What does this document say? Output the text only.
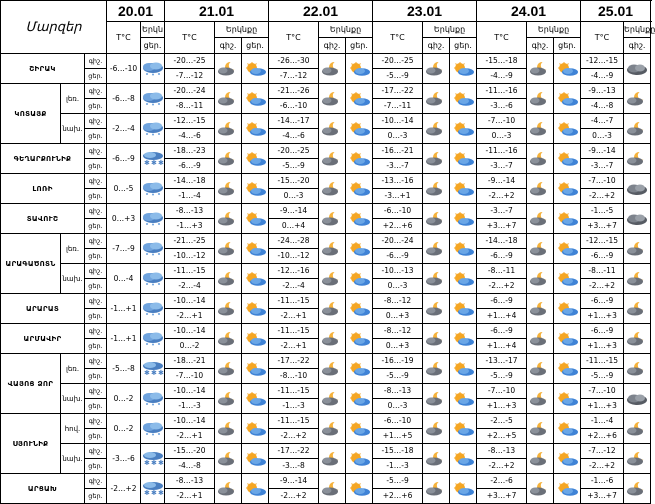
Մարզեր			20.01		21.01			22.01			23.01			24.01			25.01		
			T°C	Երկն	T°C	Երկնքը		T°C	Երկնքը		T°C	Երկնքը		T°C	Երկնքը		T°C	Երկնքը	
				ցեր.		գիշ.	ցեր.		գիշ.	ցեր.		գիշ.	ցեր.		գիշ.	ցեր.		գիշ.	
ՇԻՐԱԿ		գիշ.	-6…-10		-20…-25			-26…-30			-20…-25			-15…-18			-12…-15	

		ցեր.			-7…-12			-7…-12			-5…-9			-4…-9			-4…-9		
ԿՈՏԱՅՔ	լեռ.	գիշ.	-6…-8		-20…-24			-21…-26			-17…-22			-11…-16			-9…-13	

		ցեր.			-8…-11			-6…-10			-7…-11			-3…-6			-4…-8		
	նախ.	գիշ.	-2…-4		-12…-15			-14…-17			-10…-14			-7…-10			-4…-7	

		ցեր.			-4…-6			-4…-6			0…-3			0…-3			0…-3		
ԳԵՂԱՐՔՈՒՆԻՔ		գիշ.	-6…-9	✱ ✱ ✱	-18…-23			-20…-25			-16…-21			-11…-16			-9…-14	

		ցեր.			-6…-9			-5…-9			-3…-7			-3…-7			-3…-7		
ԼՈՌԻ		գիշ.	0…-5		-14…-18			-15…-20			-13…-16			-9…-14			-7…-10	

		ցեր.			-1…-4			0…-3			-3…+1			-2…+2			-2…+2		
ՏԱՎՈՒՇ		գիշ.	0…+3		-8…-13			-9…-14			-6…-10			-3…-7			-1…-5	

		ցեր.			-1…+3			0…+4			+2…+6			+3…+7			+3…+7		
ԱՐԱԳԱԾՈՏՆ	լեռ.	գիշ.	-7…-9		-21…-25			-24…-28			-20…-24			-14…-18			-12…-15	

		ցեր.			-10…-12			-10…-12			-6…-9			-6…-9			-6…-9		
	նախ.	գիշ.	0…-4		-11…-15			-12…-16			-10…-13			-8…-11			-8…-11	

		ցեր.			-2…-4			-2…-4			0…-3			-2…+2			-2…+2		
ԱՐԱՐԱՏ		գիշ.	-1…+1		-10…-14			-11…-15			-8…-12			-6…-9			-6…-9	

		ցեր.			-2…+1			-2…+1			0…+3			+1…+4			+1…+3		
ԱՐՄԱՎԻՐ		գիշ.	-1…+1		-10…-14			-11…-15			-8…-12			-6…-9			-6…-9	

		ցեր.			0…-2			-2…+1			0…+3			+1…+4			+1…+3		
ՎԱՅՈՑ ՁՈՐ	լեռ.	գիշ.	-5…-8	✱ ✱ ✱	-18…-21			-17…-22			-16…-19			-13…-17			-11…-15	

		ցեր.			-7…-10			-8…-10			-5…-9			-5…-9			-5…-9		
	նախ.	գիշ.	0…-2		-10…-14			-11…-15			-8…-13			-7…-10			-7…-10	

		ցեր.			-1…-3			-1…-3			0…-3			+1…+3			+1…+3		
ՍՅՈՒՆԻՔ	հով.	գիշ.	0…-2		-10…-14			-11…-15			-6…-10			-2…-5			-1…-4	

		ցեր.			-2…+1			-2…+2			+1…+5			+2…+5			+2…+6		
	նախ.	գիշ.	-3…-6	✱ ✱ ✱	-15…-20			-17…-22			-15…-18			-8…-13			-7…-12	

		ցեր.			-4…-8			-3…-8			-1…-3			-2…+2			-2…+2		
ԱՐՑԱԽ		գիշ.	-2…+2	✱ ✱ ✱	-8…-13			-9…-14			-5…-9			-2…-6			-1…-6	

		ցեր.			-2…+1			-2…+2			+2…+6			+3…+7			+3…+7		
